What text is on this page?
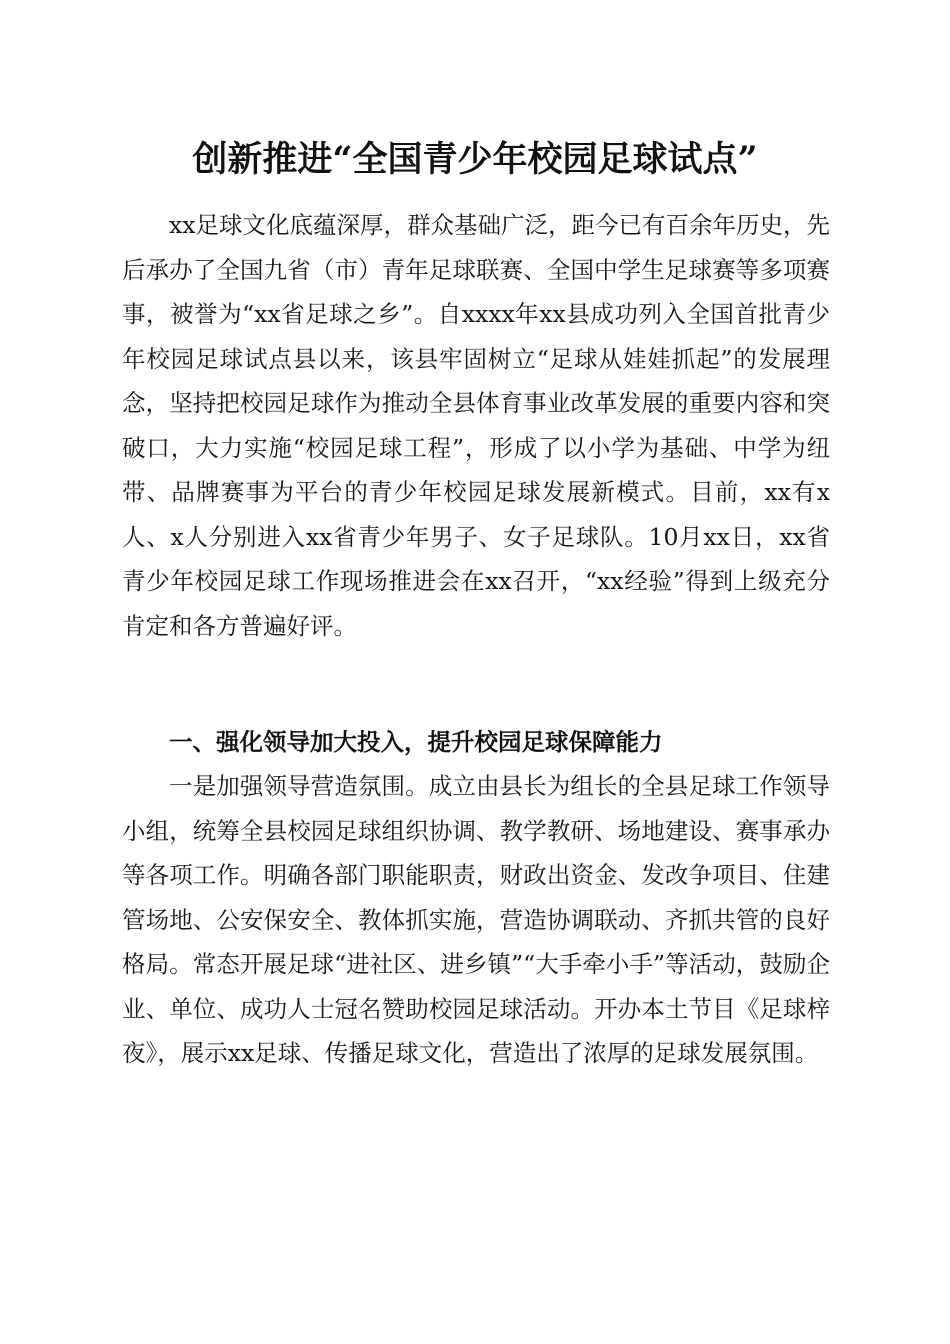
创新推进“全国青少年校园足球试点”

xx足球文化底蕴深厚，群众基础广泛，距今已有百余年历史，先后承办了全国九省（市）青年足球联赛、全国中学生足球赛等多项赛事，被誉为“xx省足球之乡”。自xxxx年xx县成功列入全国首批青少年校园足球试点县以来，该县牢固树立“足球从娃娃抓起”的发展理念，坚持把校园足球作为推动全县体育事业改革发展的重要内容和突破口，大力实施“校园足球工程”，形成了以小学为基础、中学为纽带、品牌赛事为平台的青少年校园足球发展新模式。目前，xx有x人、x人分别进入xx省青少年男子、女子足球队。10月xx日，xx省青少年校园足球工作现场推进会在xx召开，“xx经验”得到上级充分肯定和各方普遍好评。

一、强化领导加大投入，提升校园足球保障能力

一是加强领导营造氛围。成立由县长为组长的全县足球工作领导小组，统筹全县校园足球组织协调、教学教研、场地建设、赛事承办等各项工作。明确各部门职能职责，财政出资金、发改争项目、住建管场地、公安保安全、教体抓实施，营造协调联动、齐抓共管的良好格局。常态开展足球“进社区、进乡镇”“大手牵小手”等活动，鼓励企业、单位、成功人士冠名赞助校园足球活动。开办本土节目《足球梓夜》，展示xx足球、传播足球文化，营造出了浓厚的足球发展氛围。
